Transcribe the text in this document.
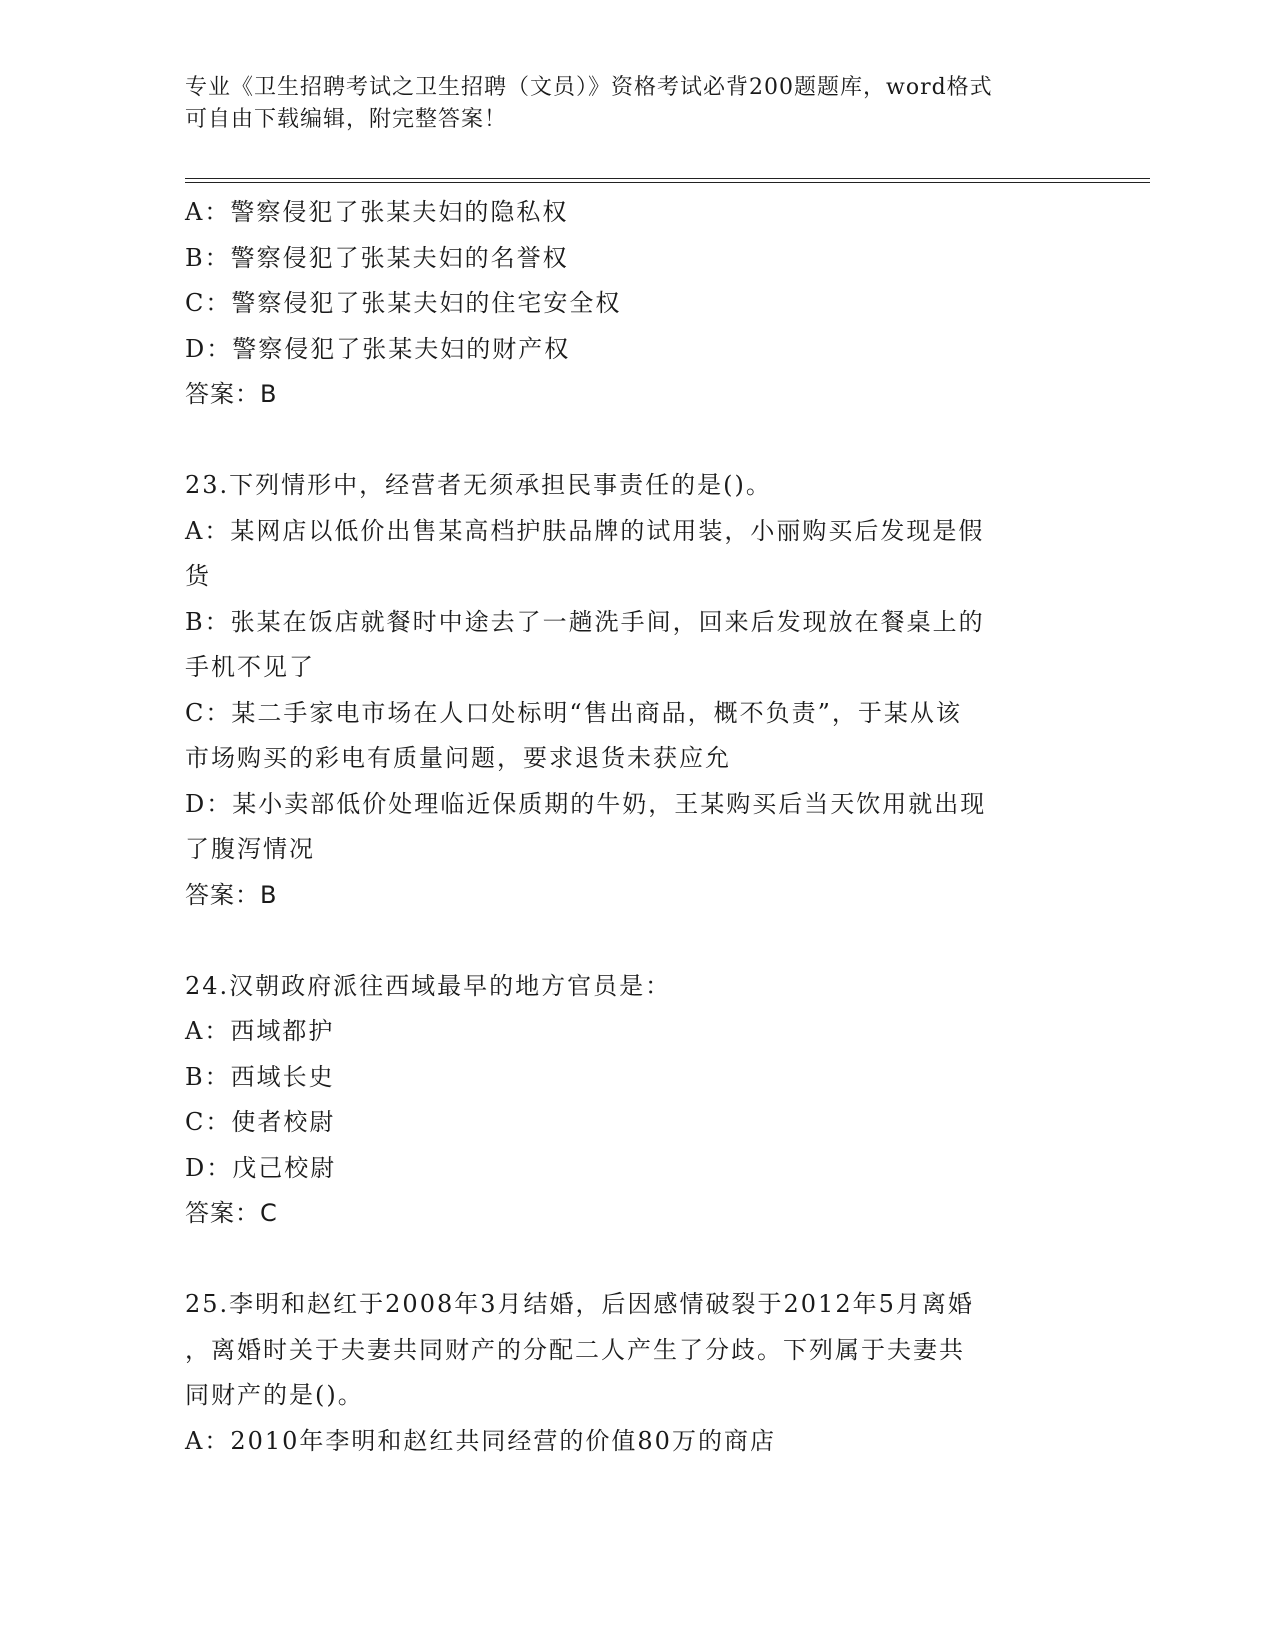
专业《卫生招聘考试之卫生招聘（文员）》资格考试必背200题题库，word格式
可自由下载编辑，附完整答案！
A：警察侵犯了张某夫妇的隐私权
B：警察侵犯了张某夫妇的名誉权
C：警察侵犯了张某夫妇的住宅安全权
D：警察侵犯了张某夫妇的财产权
答案：B
23.下列情形中，经营者无须承担民事责任的是()。
A：某网店以低价出售某高档护肤品牌的试用装，小丽购买后发现是假
货
B：张某在饭店就餐时中途去了一趟洗手间，回来后发现放在餐桌上的
手机不见了
C：某二手家电市场在人口处标明“售出商品，概不负责”，于某从该
市场购买的彩电有质量问题，要求退货未获应允
D：某小卖部低价处理临近保质期的牛奶，王某购买后当天饮用就出现
了腹泻情况
答案：B
24.汉朝政府派往西域最早的地方官员是：
A：西域都护
B：西域长史
C：使者校尉
D：戊己校尉
答案：C
25.李明和赵红于2008年3月结婚，后因感情破裂于2012年5月离婚
，离婚时关于夫妻共同财产的分配二人产生了分歧。下列属于夫妻共
同财产的是()。
A：2010年李明和赵红共同经营的价值80万的商店
